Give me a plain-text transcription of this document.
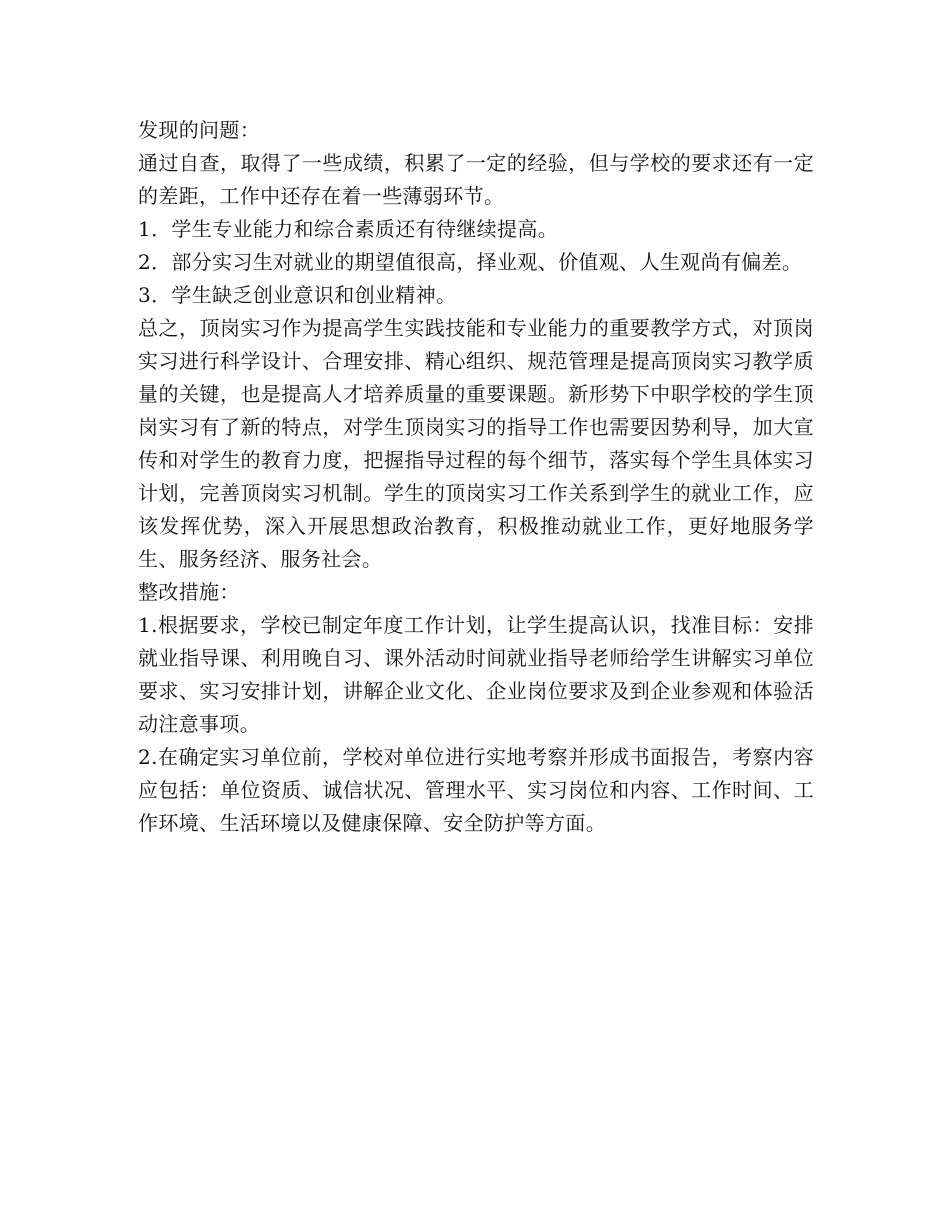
发现的问题：

通过自查，取得了一些成绩，积累了一定的经验，但与学校的要求还有一定的差距，工作中还存在着一些薄弱环节。

1．学生专业能力和综合素质还有待继续提高。

2．部分实习生对就业的期望值很高，择业观、价值观、人生观尚有偏差。

3．学生缺乏创业意识和创业精神。

总之，顶岗实习作为提高学生实践技能和专业能力的重要教学方式，对顶岗实习进行科学设计、合理安排、精心组织、规范管理是提高顶岗实习教学质量的关键，也是提高人才培养质量的重要课题。新形势下中职学校的学生顶岗实习有了新的特点，对学生顶岗实习的指导工作也需要因势利导，加大宣传和对学生的教育力度，把握指导过程的每个细节，落实每个学生具体实习计划，完善顶岗实习机制。学生的顶岗实习工作关系到学生的就业工作，应该发挥优势，深入开展思想政治教育，积极推动就业工作，更好地服务学生、服务经济、服务社会。

整改措施：

1.根据要求，学校已制定年度工作计划，让学生提高认识，找准目标：安排就业指导课、利用晚自习、课外活动时间就业指导老师给学生讲解实习单位要求、实习安排计划，讲解企业文化、企业岗位要求及到企业参观和体验活动注意事项。

2.在确定实习单位前，学校对单位进行实地考察并形成书面报告，考察内容应包括：单位资质、诚信状况、管理水平、实习岗位和内容、工作时间、工作环境、生活环境以及健康保障、安全防护等方面。
